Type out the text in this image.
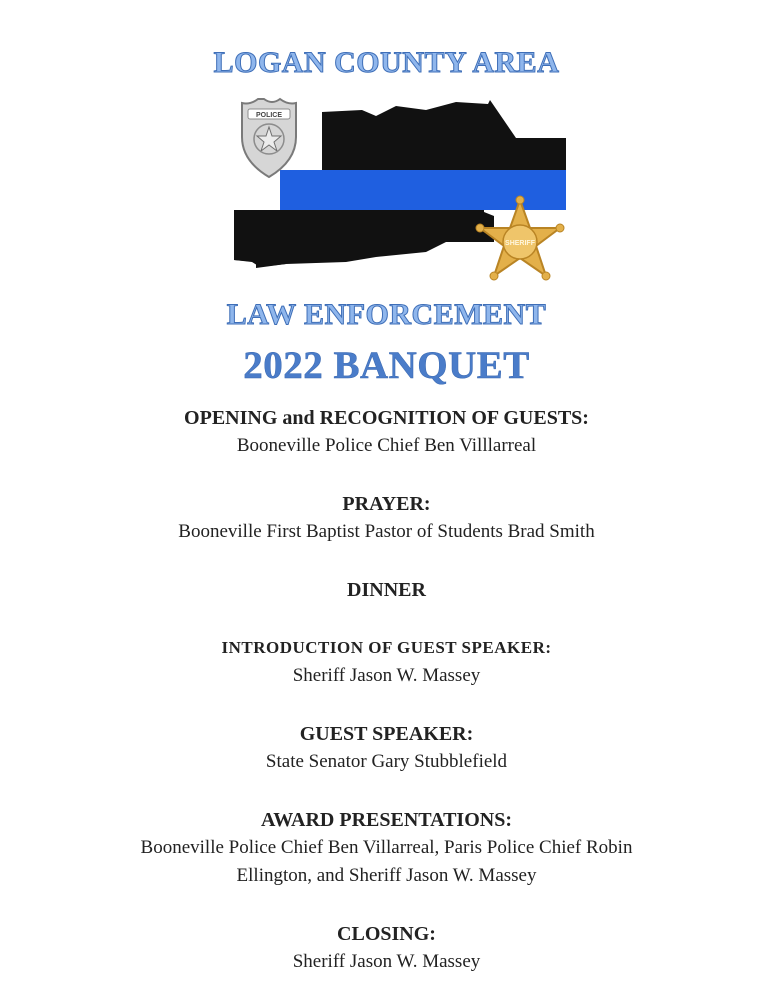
LOGAN COUNTY AREA
POLICE
SHERIFF
LAW ENFORCEMENT
2022 BANQUET
OPENING and RECOGNITION OF GUESTS:
Booneville Police Chief Ben Villlarreal
PRAYER:
Booneville First Baptist Pastor of Students Brad Smith
DINNER
INTRODUCTION OF GUEST SPEAKER:
Sheriff Jason W. Massey
GUEST SPEAKER:
State Senator Gary Stubblefield
AWARD PRESENTATIONS:
Booneville Police Chief Ben Villarreal, Paris Police Chief Robin
Ellington, and Sheriff Jason W. Massey
CLOSING:
Sheriff Jason W. Massey
